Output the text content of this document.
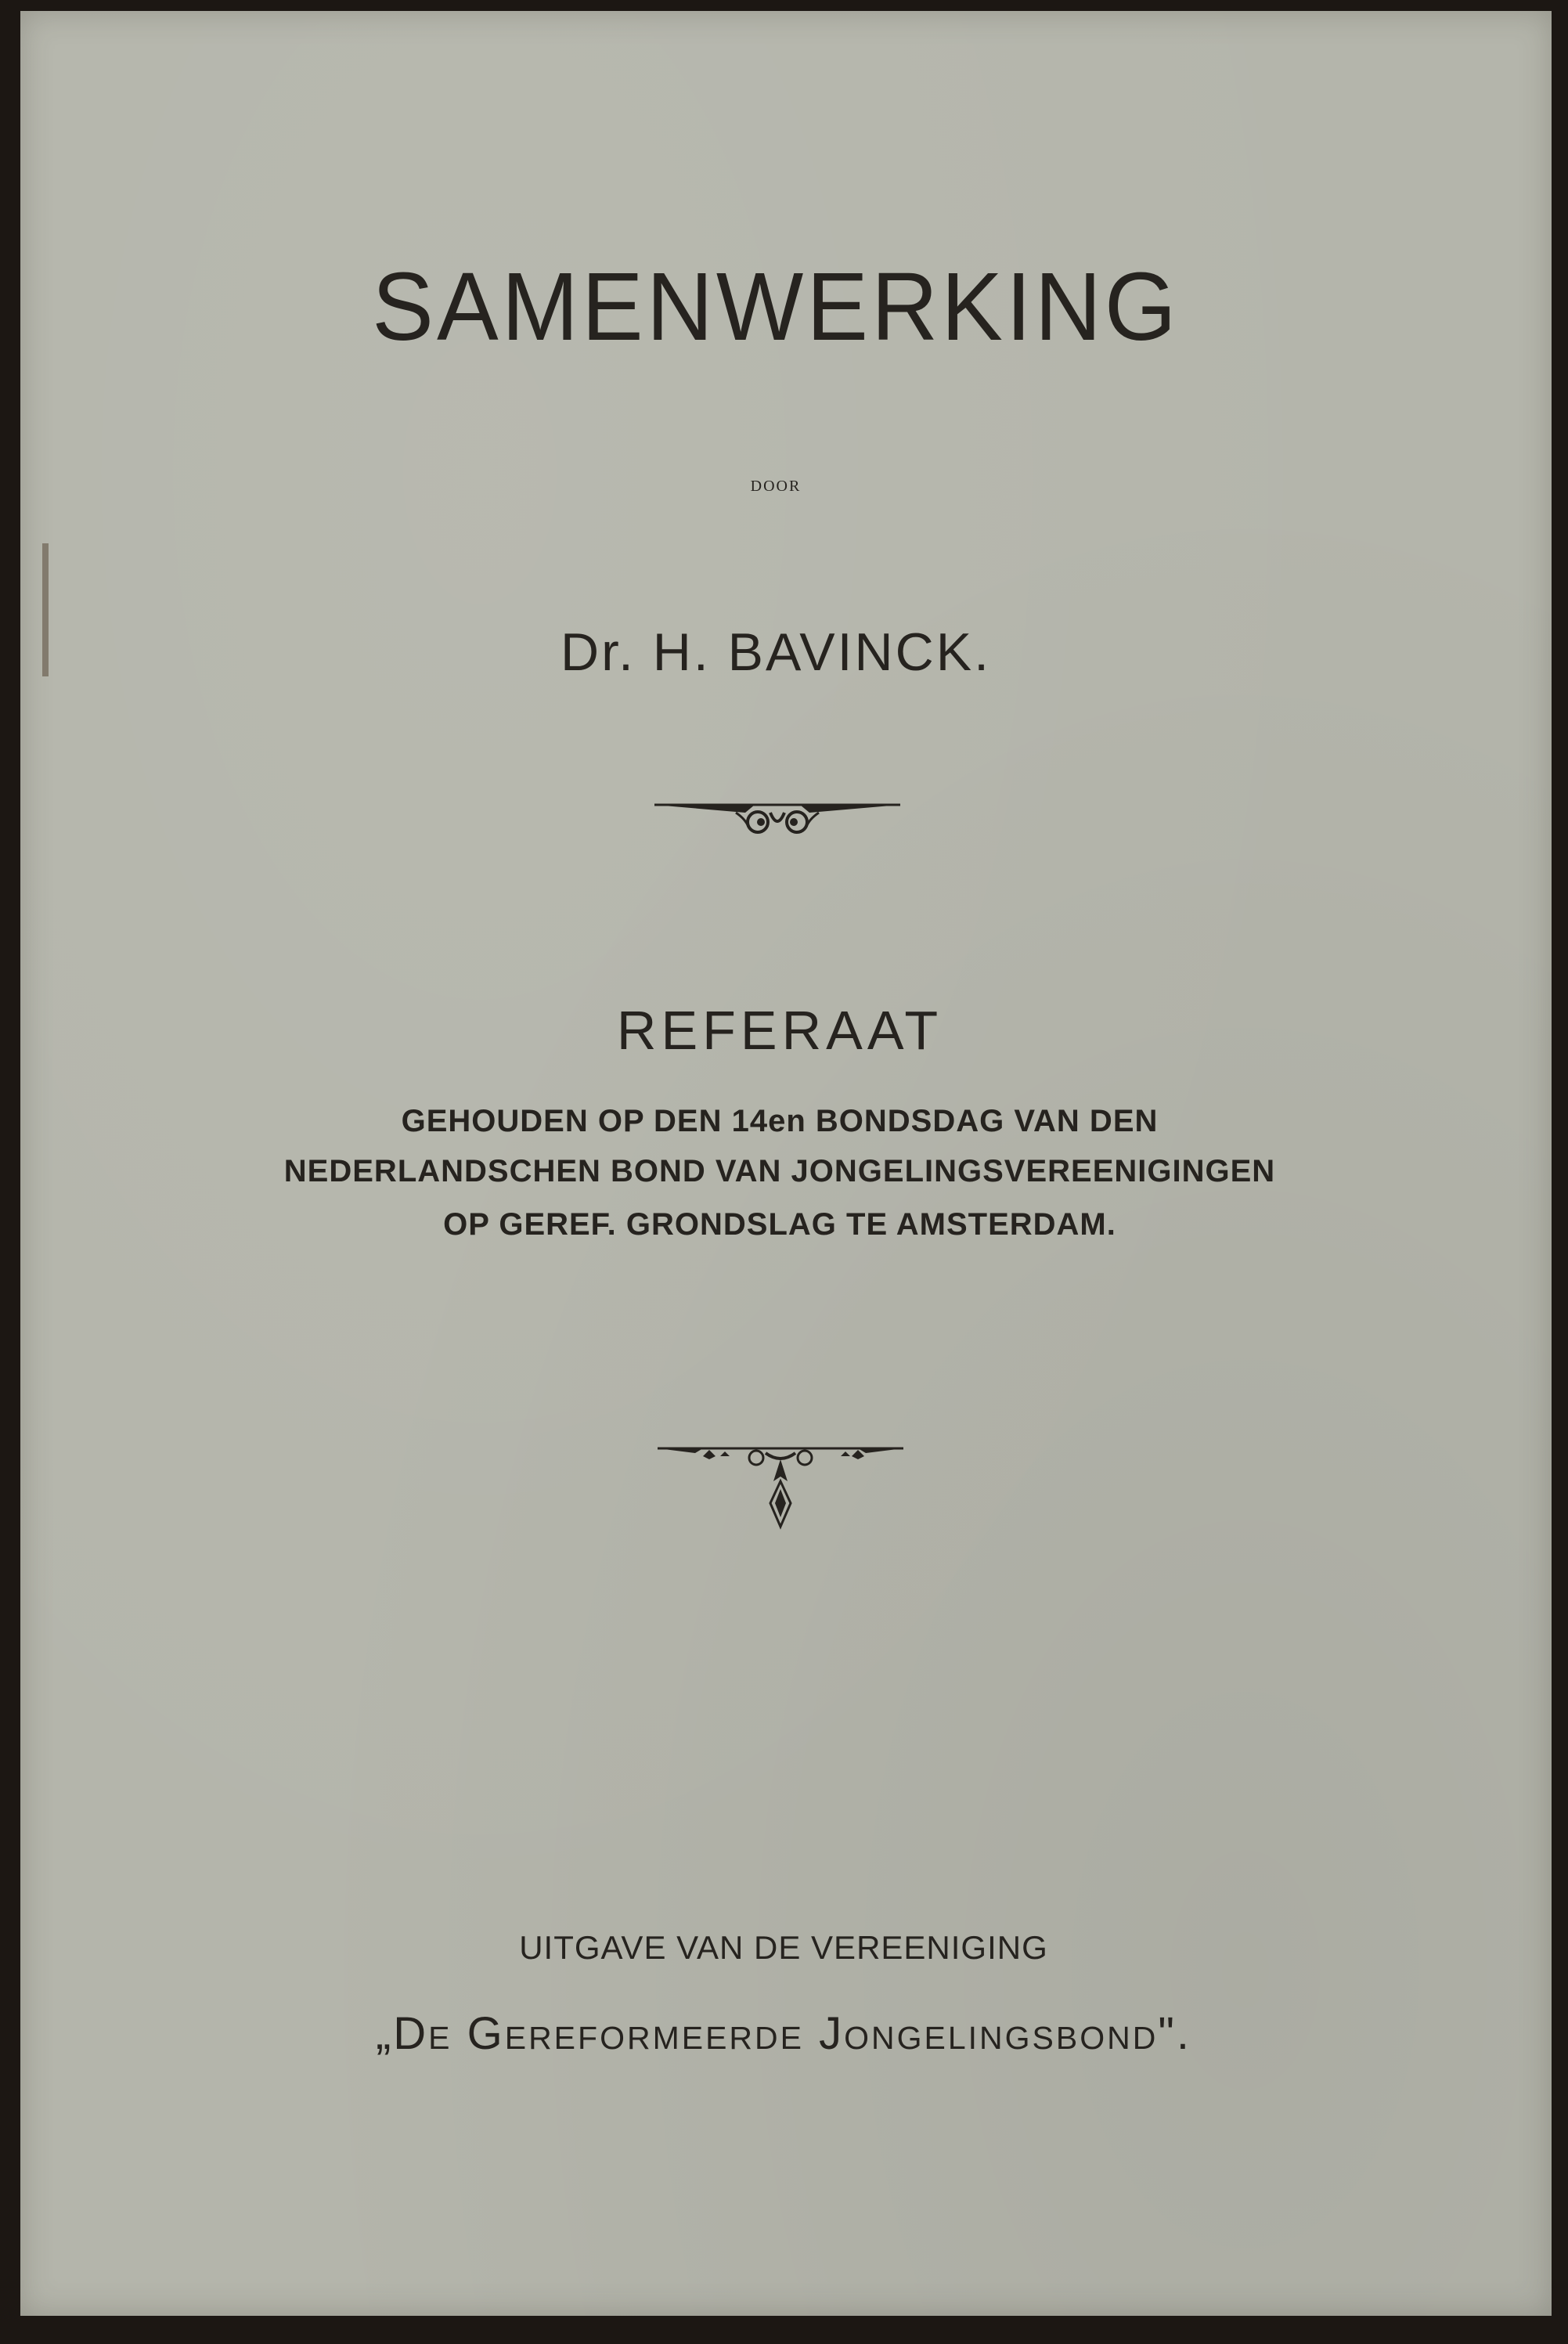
SAMENWERKING
DOOR
Dr. H. BAVINCK.
REFERAAT
GEHOUDEN OP DEN 14en BONDSDAG VAN DEN
NEDERLANDSCHEN BOND VAN JONGELINGSVEREENIGINGEN
OP GEREF. GRONDSLAG TE AMSTERDAM.
UITGAVE VAN DE VEREENIGING
„De Gereformeerde Jongelingsbond".
